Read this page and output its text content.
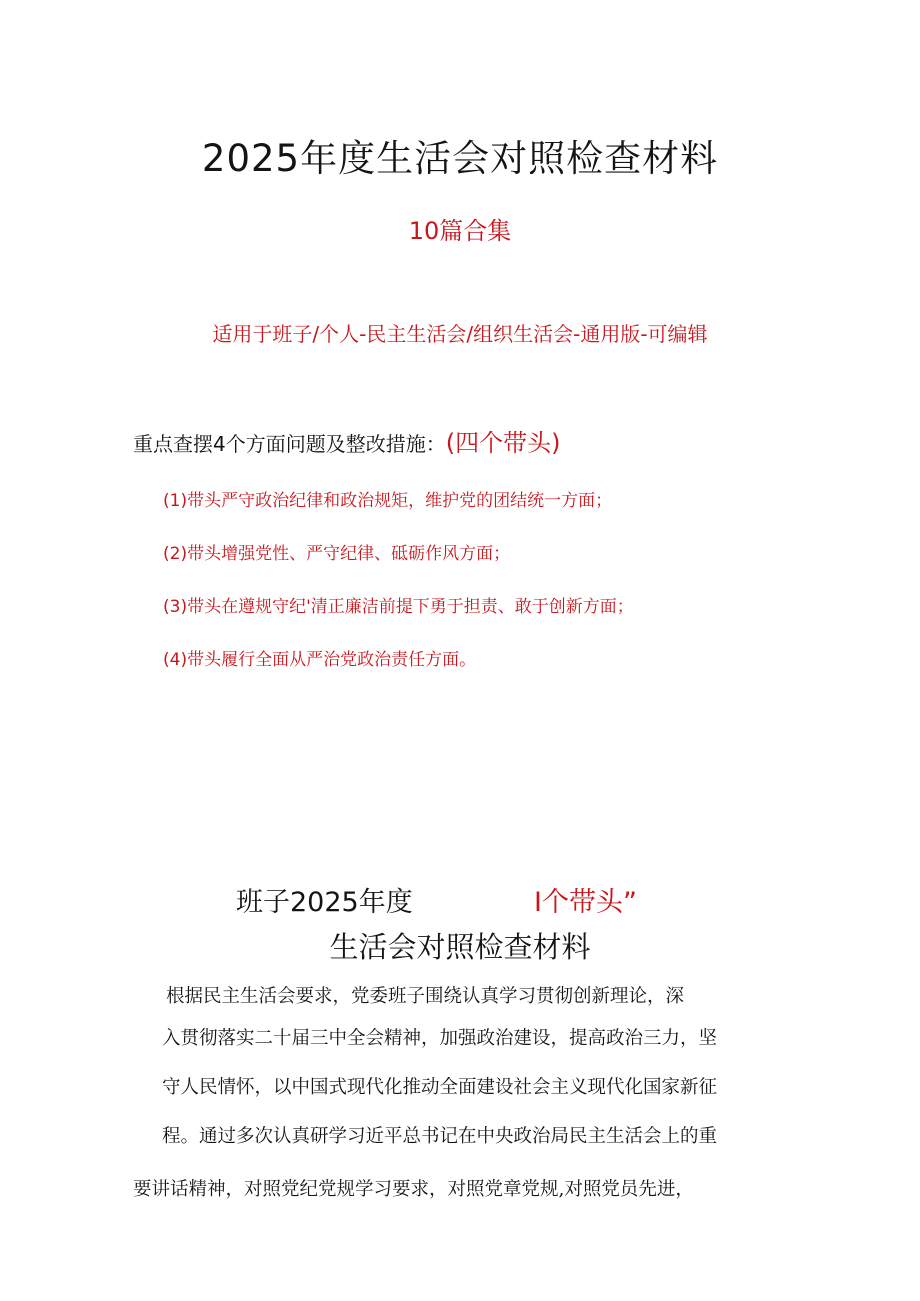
2025年度生活会对照检查材料
10篇合集
适用于班子/个人-民主生活会/组织生活会-通用版-可编辑
重点查摆4个方面问题及整改措施：(四个带头)
(1)带头严守政治纪律和政治规矩，维护党的团结统一方面；
(2)带头增强党性、严守纪律、砥砺作风方面；
(3)带头在遵规守纪'清正廉洁前提下勇于担责、敢于创新方面；
(4)带头履行全面从严治党政治责任方面。
班子2025年度	I个带头”
生活会对照检查材料
根据民主生活会要求，党委班子围绕认真学习贯彻创新理论，深
入贯彻落实二十届三中全会精神，加强政治建设，提高政治三力，坚
守人民情怀，以中国式现代化推动全面建设社会主义现代化国家新征
程。通过多次认真研学习近平总书记在中央政治局民主生活会上的重
要讲话精神，对照党纪党规学习要求，对照党章党规,对照党员先进，
